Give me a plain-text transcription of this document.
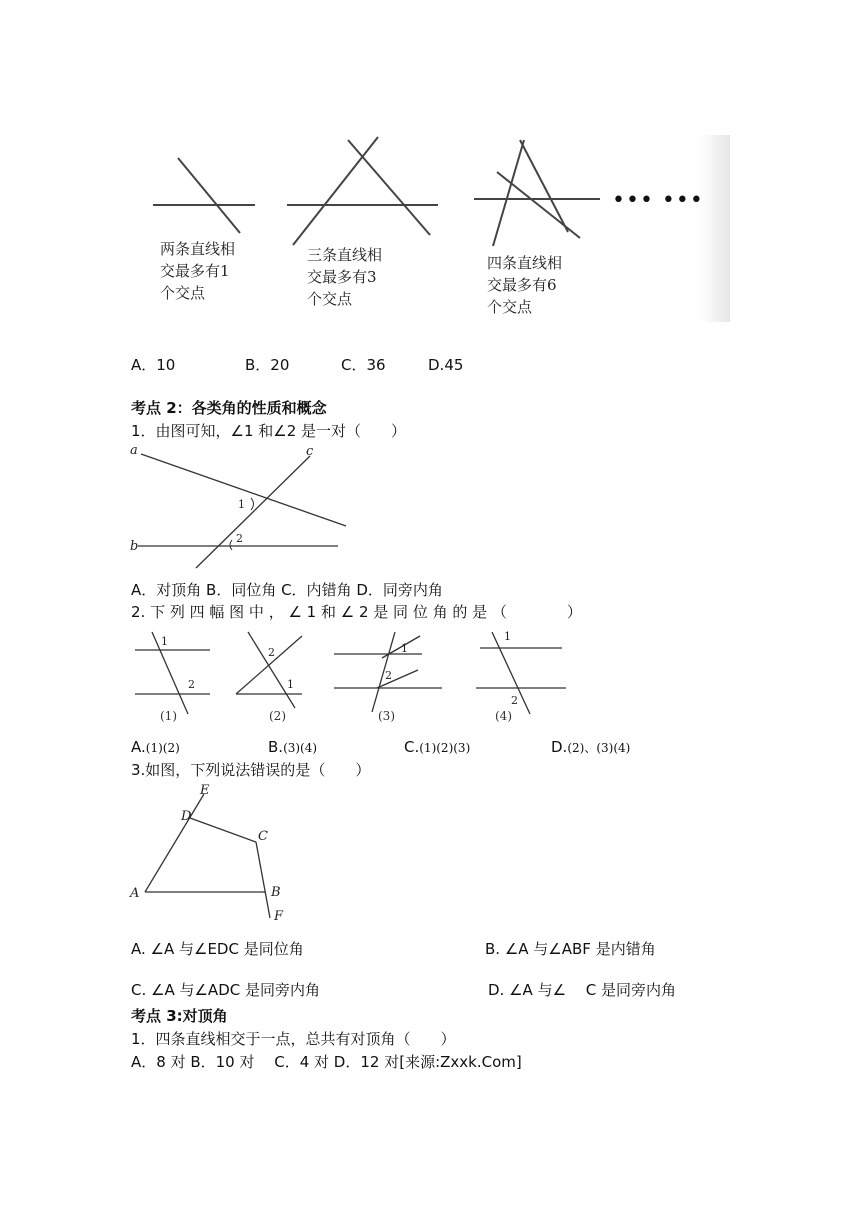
两条直线相
交最多有1
个交点
三条直线相
交最多有3
个交点
四条直线相
交最多有6
个交点
••• •••
A．10	B．20	C．36	D.45
考点 2：各类角的性质和概念
1．由图可知，∠1 和∠2 是一对（　　）
a
b
c
1
2
A．对顶角 B．同位角 C．内错角 D．同旁内角
2. 下 列 四 幅 图 中 ， ∠ 1 和 ∠ 2 是 同 位 角 的 是 （　　　　）
1
2
(1)
2
1
(2)
1
2
(3)
1
2
(4)
A.(1)(2)	B.(3)(4)	C.(1)(2)(3)	D.(2)、(3)(4)
3.如图，下列说法错误的是（　　）
E
D
C
A	B
F
A. ∠A 与∠EDC 是同位角	B. ∠A 与∠ABF 是内错角
C. ∠A 与∠ADC 是同旁内角	D. ∠A 与∠　 C 是同旁内角
考点 3:对顶角
1．四条直线相交于一点，总共有对顶角（　　）
A．8 对 B．10 对　 C．4 对 D．12 对[来源:Zxxk.Com]
